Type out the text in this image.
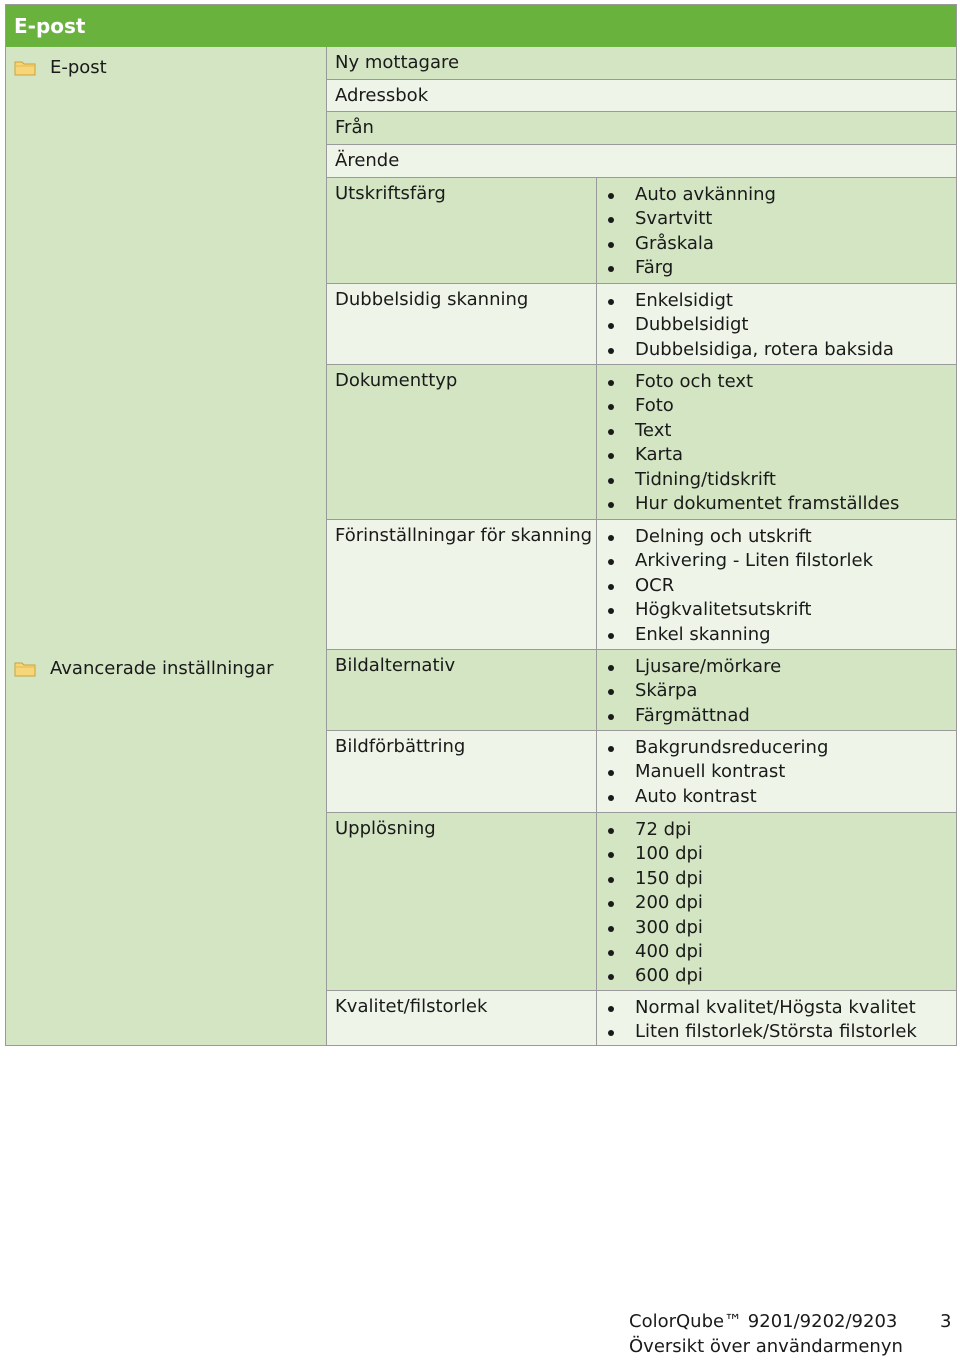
E-post
E-post
Avancerade inställningar
Ny mottagare
Adressbok
Från
Ärende
Utskriftsfärg	Auto avkänning
Svartvitt
Gråskala
Färg
Dubbelsidig skanning	Enkelsidigt
Dubbelsidigt
Dubbelsidiga, rotera baksida
Dokumenttyp	Foto och text
Foto
Text
Karta
Tidning/tidskrift
Hur dokumentet framställdes
Förinställningar för skanning	Delning och utskrift
Arkivering - Liten filstorlek
OCR
Högkvalitetsutskrift
Enkel skanning
Bildalternativ	Ljusare/mörkare
Skärpa
Färgmättnad
Bildförbättring	Bakgrundsreducering
Manuell kontrast
Auto kontrast
Upplösning	72 dpi
100 dpi
150 dpi
200 dpi
300 dpi
400 dpi
600 dpi
Kvalitet/filstorlek	Normal kvalitet/Högsta kvalitet
Liten filstorlek/Största filstorlek
ColorQube™ 9201/9202/9203
Översikt över användarmenyn
3
